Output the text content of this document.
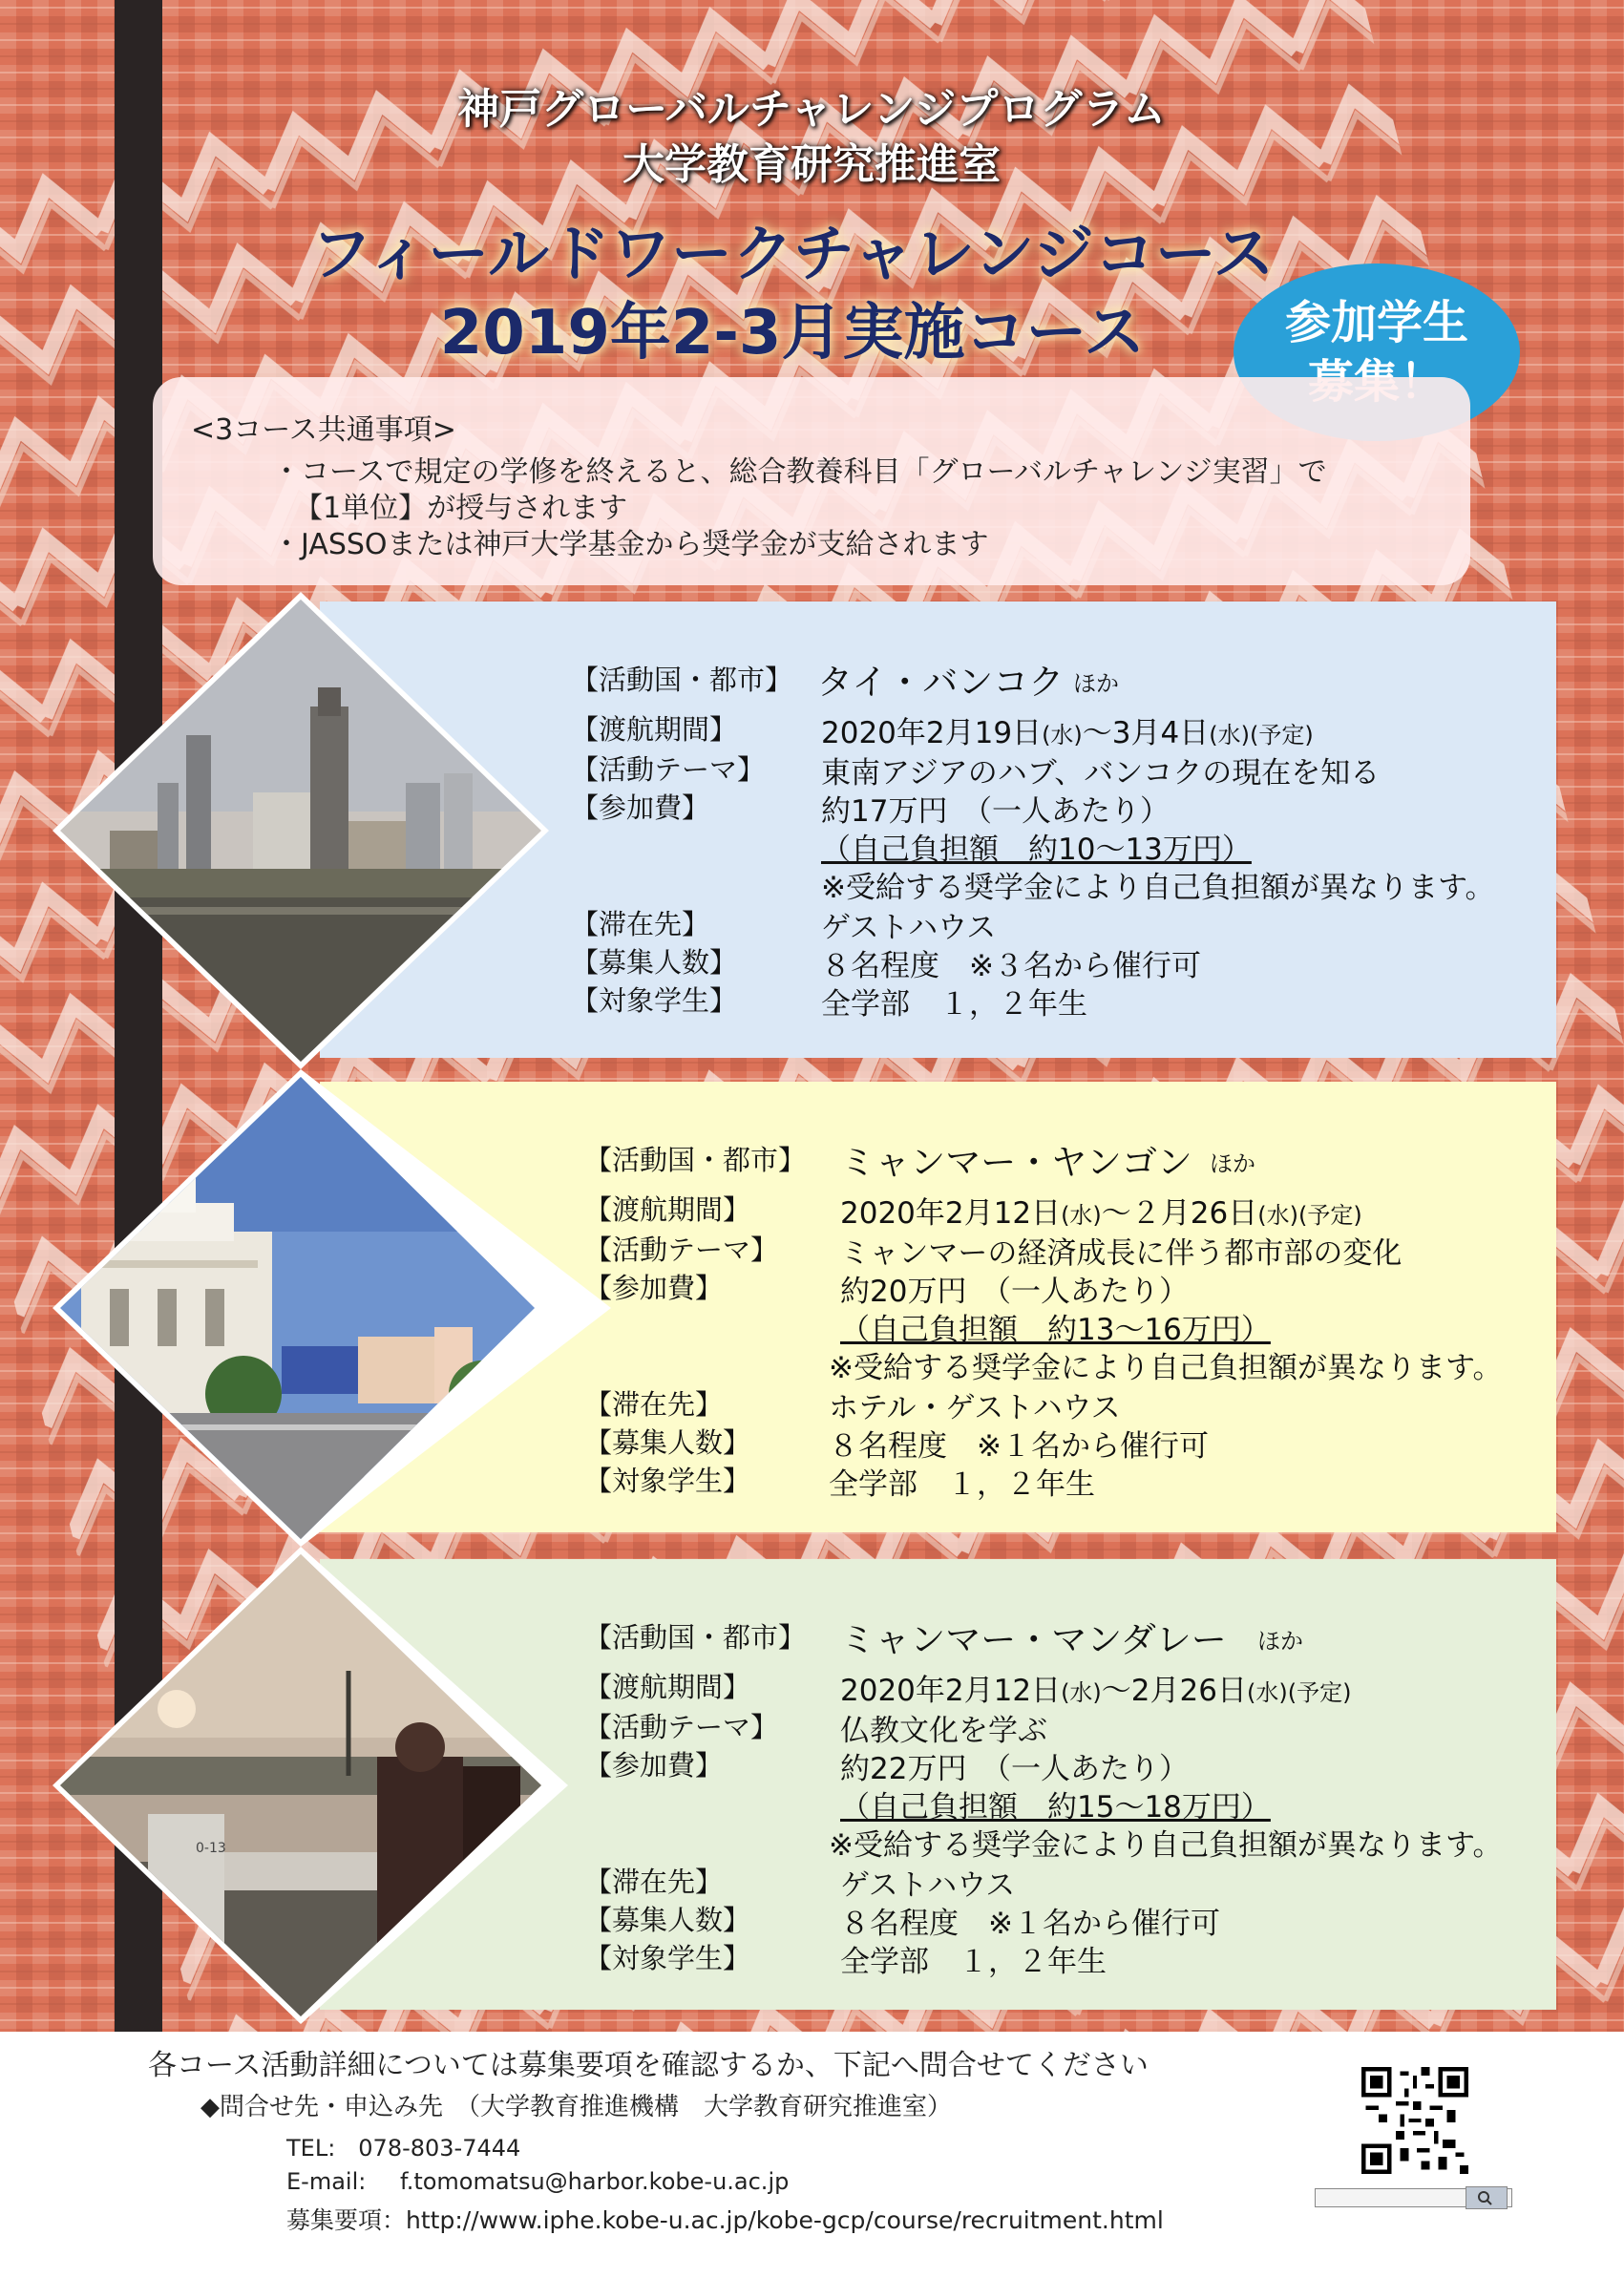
神戸グローバルチャレンジプログラム
大学教育研究推進室
フィールドワークチャレンジコース
2019年2-3月実施コース	参加学生
<3コース共通事項>
・コースで規定の学修を終えると、総合教養科目「グローバルチャレンジ実習」で
【1単位】が授与されます
・JASSOまたは神戸大学基金から奨学金が支給されます
【活動国・都市】 タイ・バンコク ほか
【渡航期間】	2020年2月19日(水)～3月4日(水)(予定)
【活動テーマ】 東南アジアのハブ、バンコクの現在を知る
【参加費】	約17万円　（一人あたり）
（自己負担額　約10～13万円）
※受給する奨学金により自己負担額が異なります。
【滞在先】	ゲストハウス
【募集人数】	８名程度　※３名から催行可
【対象学生】	全学部　１，２年生
【活動国・都市】 ミャンマー・ヤンゴン ほか
【渡航期間】	2020年2月12日(水)～２月26日(水)(予定)
【活動テーマ】 ミャンマーの経済成長に伴う都市部の変化
【参加費】	約20万円　（一人あたり）
（自己負担額　約13～16万円）
※受給する奨学金により自己負担額が異なります。
【滞在先】	ホテル・ゲストハウス
【募集人数】	８名程度　※１名から催行可
【対象学生】	全学部　１，２年生
0-13
【活動国・都市】 ミャンマー・マンダレー ほか
【渡航期間】	2020年2月12日(水)～2月26日(水)(予定)
【活動テーマ】 仏教文化を学ぶ
【参加費】	約22万円　（一人あたり）
（自己負担額　約15～18万円）
※受給する奨学金により自己負担額が異なります。
【滞在先】	ゲストハウス
【募集人数】	８名程度　※１名から催行可
【対象学生】	全学部　１，２年生
各コース活動詳細については募集要項を確認するか、下記へ問合せてください
◆問合せ先・申込み先　（大学教育推進機構　大学教育研究推進室）
TEL:　078-803-7444
E-mail: f.tomomatsu@harbor.kobe-u.ac.jp
募集要項：http://www.iphe.kobe-u.ac.jp/kobe-gcp/course/recruitment.html
